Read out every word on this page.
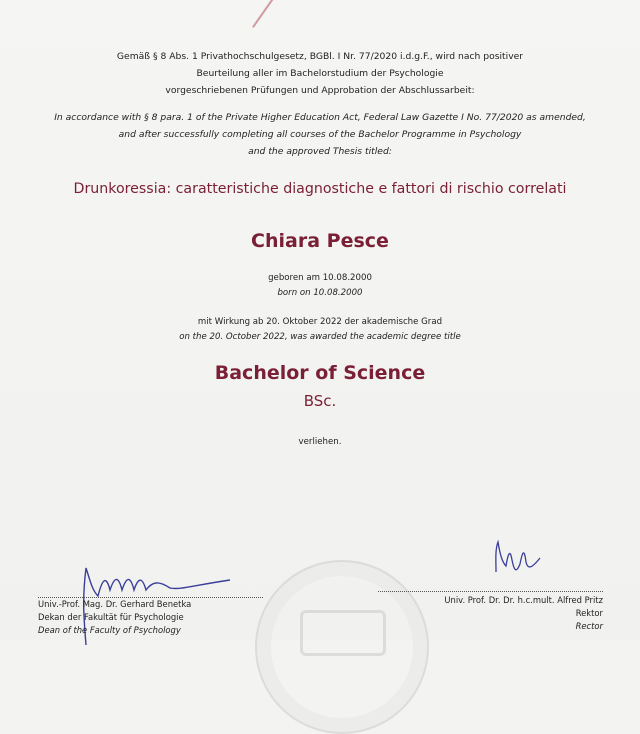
Gemäß § 8 Abs. 1 Privathochschulgesetz, BGBl. I Nr. 77/2020 i.d.g.F., wird nach positiver
Beurteilung aller im Bachelorstudium der Psychologie
vorgeschriebenen Prüfungen und Approbation der Abschlussarbeit:
In accordance with § 8 para. 1 of the Private Higher Education Act, Federal Law Gazette I No. 77/2020 as amended,
and after successfully completing all courses of the Bachelor Programme in Psychology
and the approved Thesis titled:
Drunkoressia: caratteristiche diagnostiche e fattori di rischio correlati
Chiara Pesce
geboren am 10.08.2000
born on 10.08.2000
mit Wirkung ab 20. Oktober 2022 der akademische Grad
on the 20. October 2022, was awarded the academic degree title
Bachelor of Science
BSc.
verliehen.
Univ.-Prof. Mag. Dr. Gerhard Benetka
Dekan der Fakultät für Psychologie
Dean of the Faculty of Psychology
Univ. Prof. Dr. Dr. h.c.mult. Alfred Pritz
Rektor
Rector
